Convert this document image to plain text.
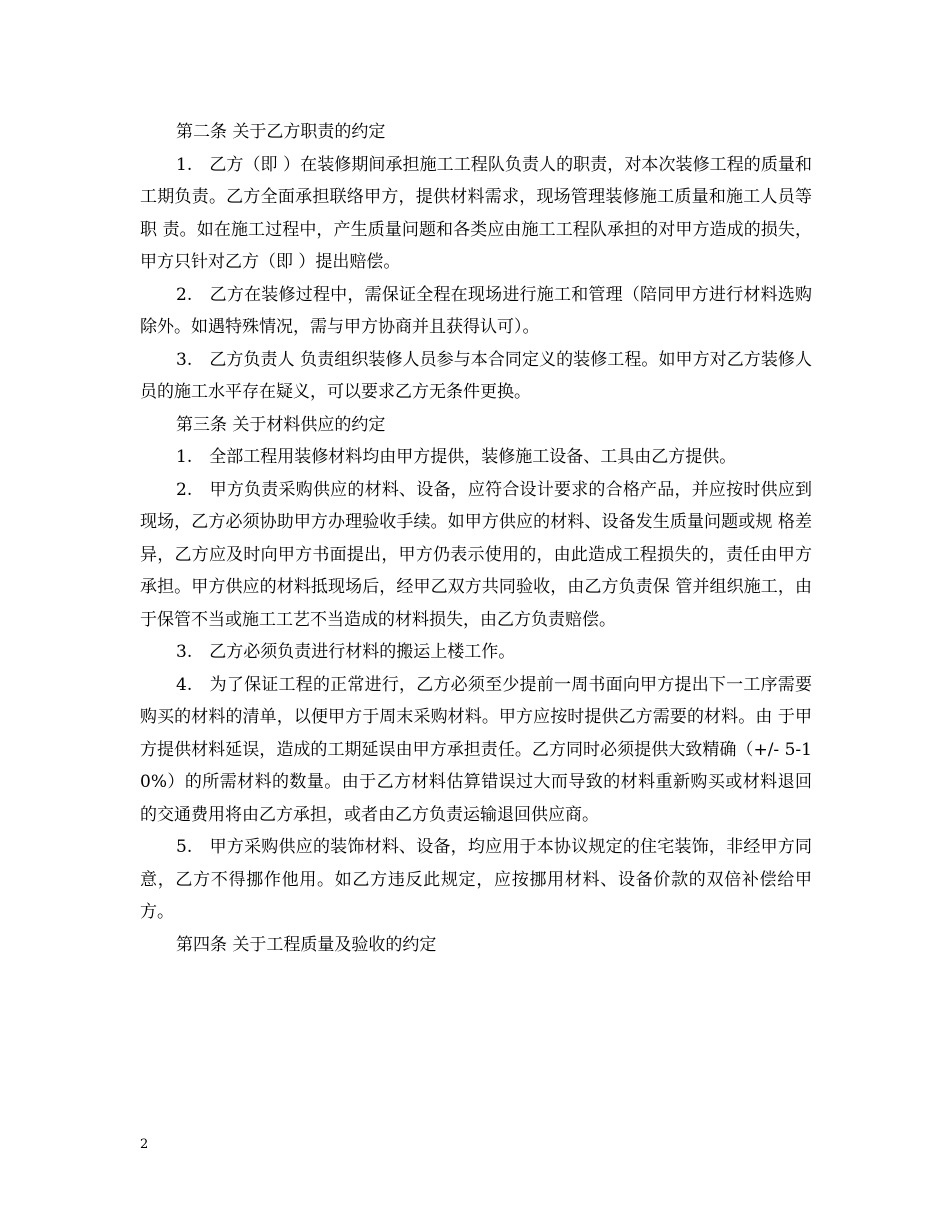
第二条 关于乙方职责的约定

1.　乙方（即 ）在装修期间承担施工工程队负责人的职责，对本次装修工程的质量和工期负责。乙方全面承担联络甲方，提供材料需求，现场管理装修施工质量和施工人员等职 责。如在施工过程中，产生质量问题和各类应由施工工程队承担的对甲方造成的损失，甲方只针对乙方（即 ）提出赔偿。

2.　乙方在装修过程中，需保证全程在现场进行施工和管理（陪同甲方进行材料选购除外。如遇特殊情况，需与甲方协商并且获得认可）。

3.　乙方负责人 负责组织装修人员参与本合同定义的装修工程。如甲方对乙方装修人员的施工水平存在疑义，可以要求乙方无条件更换。

第三条 关于材料供应的约定

1.　全部工程用装修材料均由甲方提供，装修施工设备、工具由乙方提供。

2.　甲方负责采购供应的材料、设备，应符合设计要求的合格产品，并应按时供应到现场，乙方必须协助甲方办理验收手续。如甲方供应的材料、设备发生质量问题或规 格差异，乙方应及时向甲方书面提出，甲方仍表示使用的，由此造成工程损失的，责任由甲方承担。甲方供应的材料抵现场后，经甲乙双方共同验收，由乙方负责保 管并组织施工，由于保管不当或施工工艺不当造成的材料损失，由乙方负责赔偿。

3.　乙方必须负责进行材料的搬运上楼工作。

4.　为了保证工程的正常进行，乙方必须至少提前一周书面向甲方提出下一工序需要购买的材料的清单，以便甲方于周末采购材料。甲方应按时提供乙方需要的材料。由 于甲方提供材料延误，造成的工期延误由甲方承担责任。乙方同时必须提供大致精确（+/- 5-10%）的所需材料的数量。由于乙方材料估算错误过大而导致的材料重新购买或材料退回的交通费用将由乙方承担，或者由乙方负责运输退回供应商。

5.　甲方采购供应的装饰材料、设备，均应用于本协议规定的住宅装饰，非经甲方同意，乙方不得挪作他用。如乙方违反此规定，应按挪用材料、设备价款的双倍补偿给甲方。

第四条 关于工程质量及验收的约定

2
